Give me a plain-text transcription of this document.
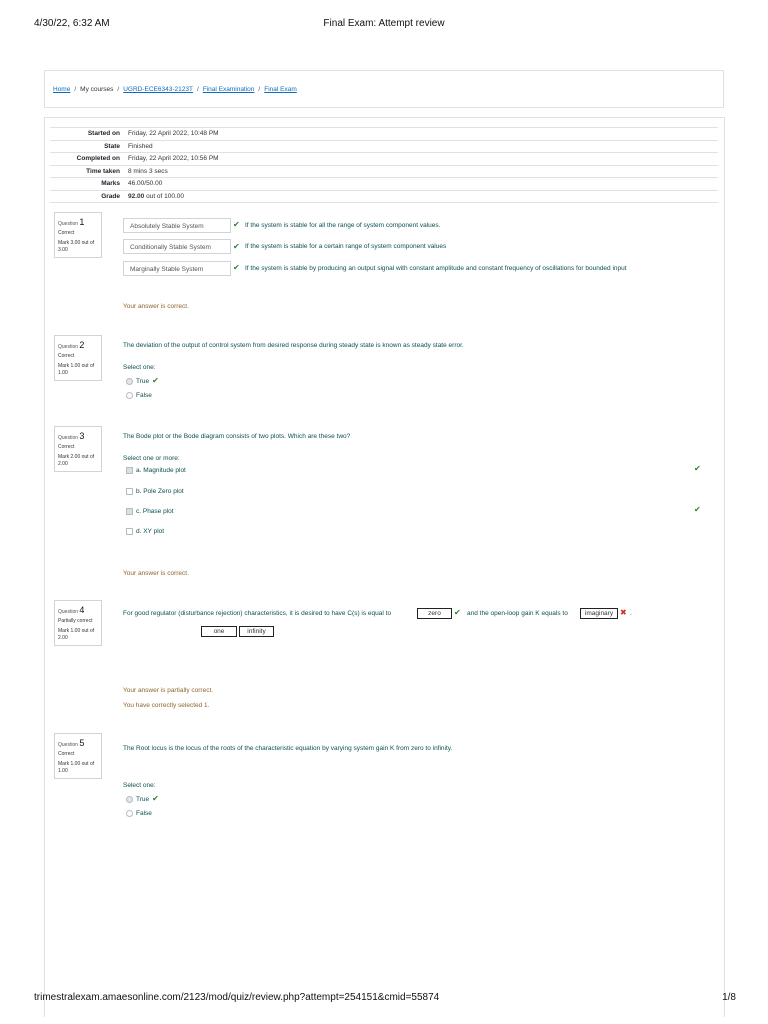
4/30/22, 6:32 AM	Final Exam: Attempt review
Home / My courses / UGRD-ECE6343-2123T / Final Examination / Final Exam
Started on	Friday, 22 April 2022, 10:48 PM
State	Finished
Completed on	Friday, 22 April 2022, 10:56 PM
Time taken	8 mins 3 secs
Marks	46.00/50.00
Grade	92.00 out of 100.00
Question 1
Correct
Mark 3.00 out of 3.00
Absolutely Stable System	✔ If the system is stable for all the range of system component values.
Conditionally Stable System	✔ If the system is stable for a certain range of system component values
Marginally Stable System	✔ If the system is stable by producing an output signal with constant amplitude and constant frequency of oscillations for bounded input
Your answer is correct.
Question 2
Correct
Mark 1.00 out of 1.00
The deviation of the output of control system from desired response during steady state is known as steady state error.
Select one:
True ✔
False
Question 3
Correct
Mark 2.00 out of 2.00
The Bode plot or the Bode diagram consists of two plots. Which are these two?
Select one or more:
a. Magnitude plot	✔
b. Pole Zero plot
c. Phase plot	✔
d. XY plot
Your answer is correct.
Question 4
Partially correct
Mark 1.00 out of 2.00
For good regulator (disturbance rejection) characteristics, it is desired to have C(s) is equal to	zero	✔ and the open-loop gain K equals to	imaginary ✖ .
one	infinity
Your answer is partially correct.
You have correctly selected 1.
Question 5
Correct
Mark 1.00 out of 1.00
The Root locus is the locus of the roots of the characteristic equation by varying system gain K from zero to infinity.
Select one:
True ✔
False
trimestralexam.amaesonline.com/2123/mod/quiz/review.php?attempt=254151&cmid=55874	1/8
